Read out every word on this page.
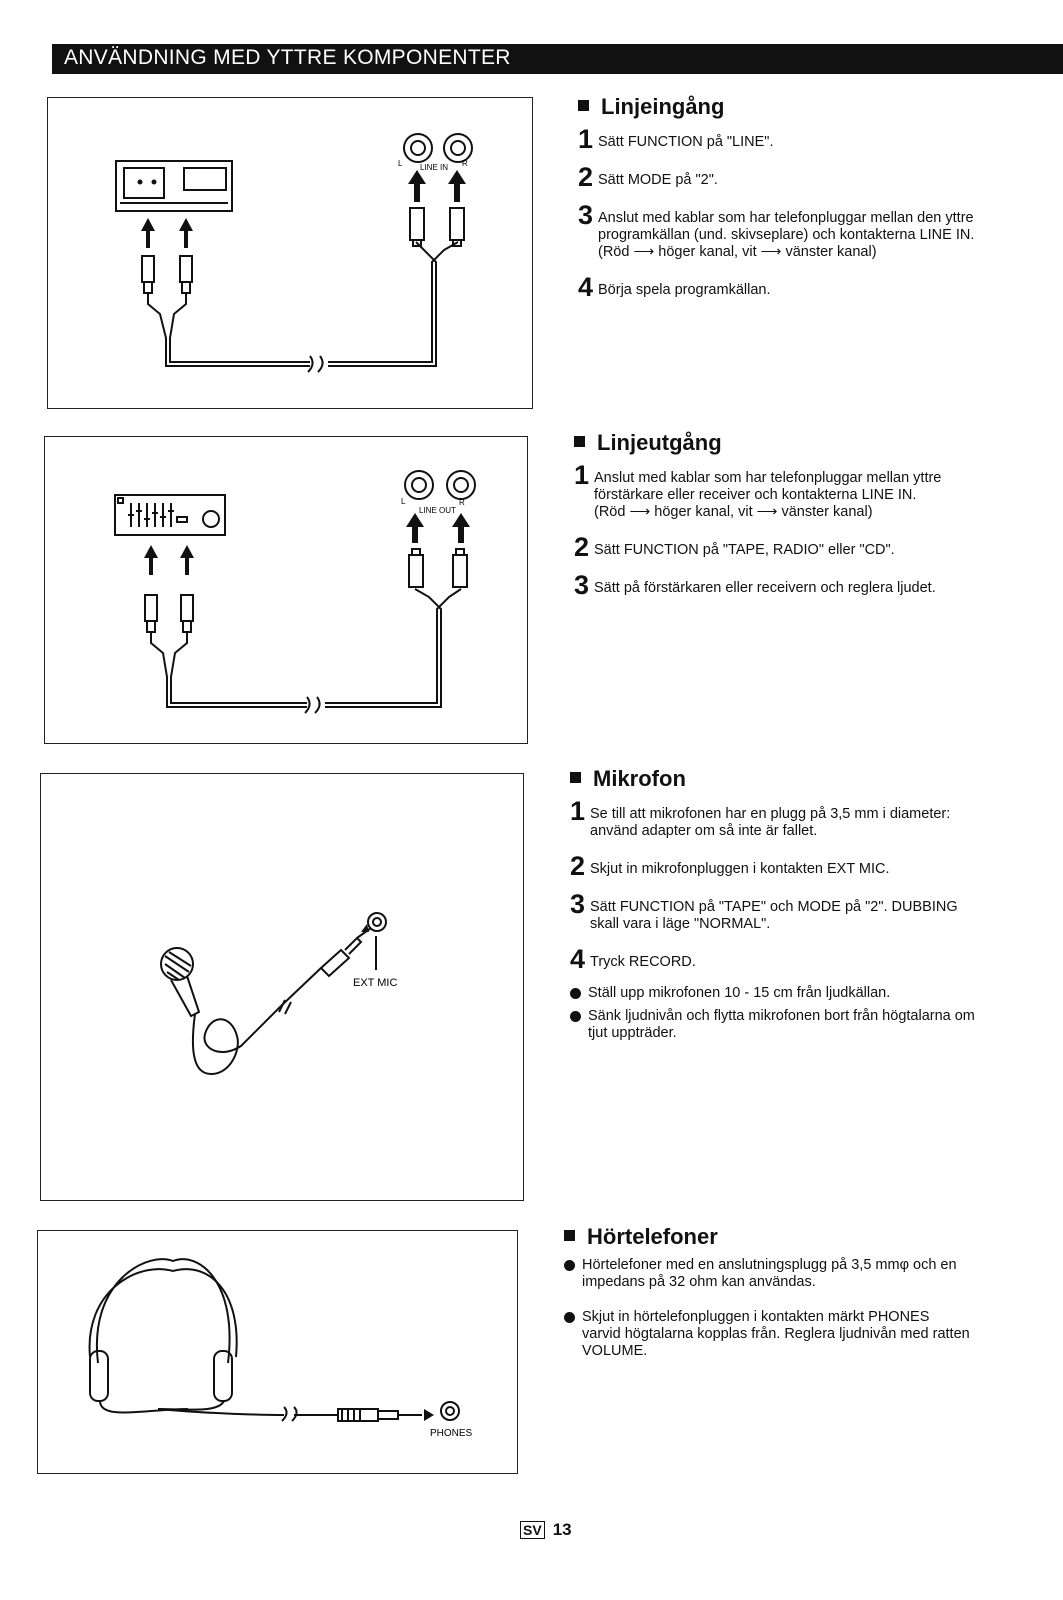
ANVÄNDNING MED YTTRE KOMPONENTER
L LINE IN R
L
LINE OUT
R
EXT MIC
PHONES
Linjeingång
1 Sätt FUNCTION på "LINE".

2 Sätt MODE på "2".

3 Anslut med kablar som har telefonpluggar mellan den yttre

programkällan (und. skivseplare) och kontakterna LINE IN.

(Röd ⟶ höger kanal, vit ⟶ vänster kanal)

4 Börja spela programkällan.

Linjeutgång
1 Anslut med kablar som har telefonpluggar mellan yttre

förstärkare eller receiver och kontakterna LINE IN.

(Röd ⟶ höger kanal, vit ⟶ vänster kanal)

2 Sätt FUNCTION på "TAPE, RADIO" eller "CD".

3 Sätt på förstärkaren eller receivern och reglera ljudet.

Mikrofon
1 Se till att mikrofonen har en plugg på 3,5 mm i diameter:

använd adapter om så inte är fallet.

2 Skjut in mikrofonpluggen i kontakten EXT MIC.

3 Sätt FUNCTION på "TAPE" och MODE på "2". DUBBING

skall vara i läge "NORMAL".

4 Tryck RECORD.

Ställ upp mikrofonen 10 - 15 cm från ljudkällan.

Sänk ljudnivån och flytta mikrofonen bort från högtalarna om

tjut uppträder.

Hörtelefoner

Hörtelefoner med en anslutningsplugg på 3,5 mmφ och en

impedans på 32 ohm kan användas.

Skjut in hörtelefonpluggen i kontakten märkt PHONES

varvid högtalarna kopplas från. Reglera ljudnivån med ratten

VOLUME.

SV 13
